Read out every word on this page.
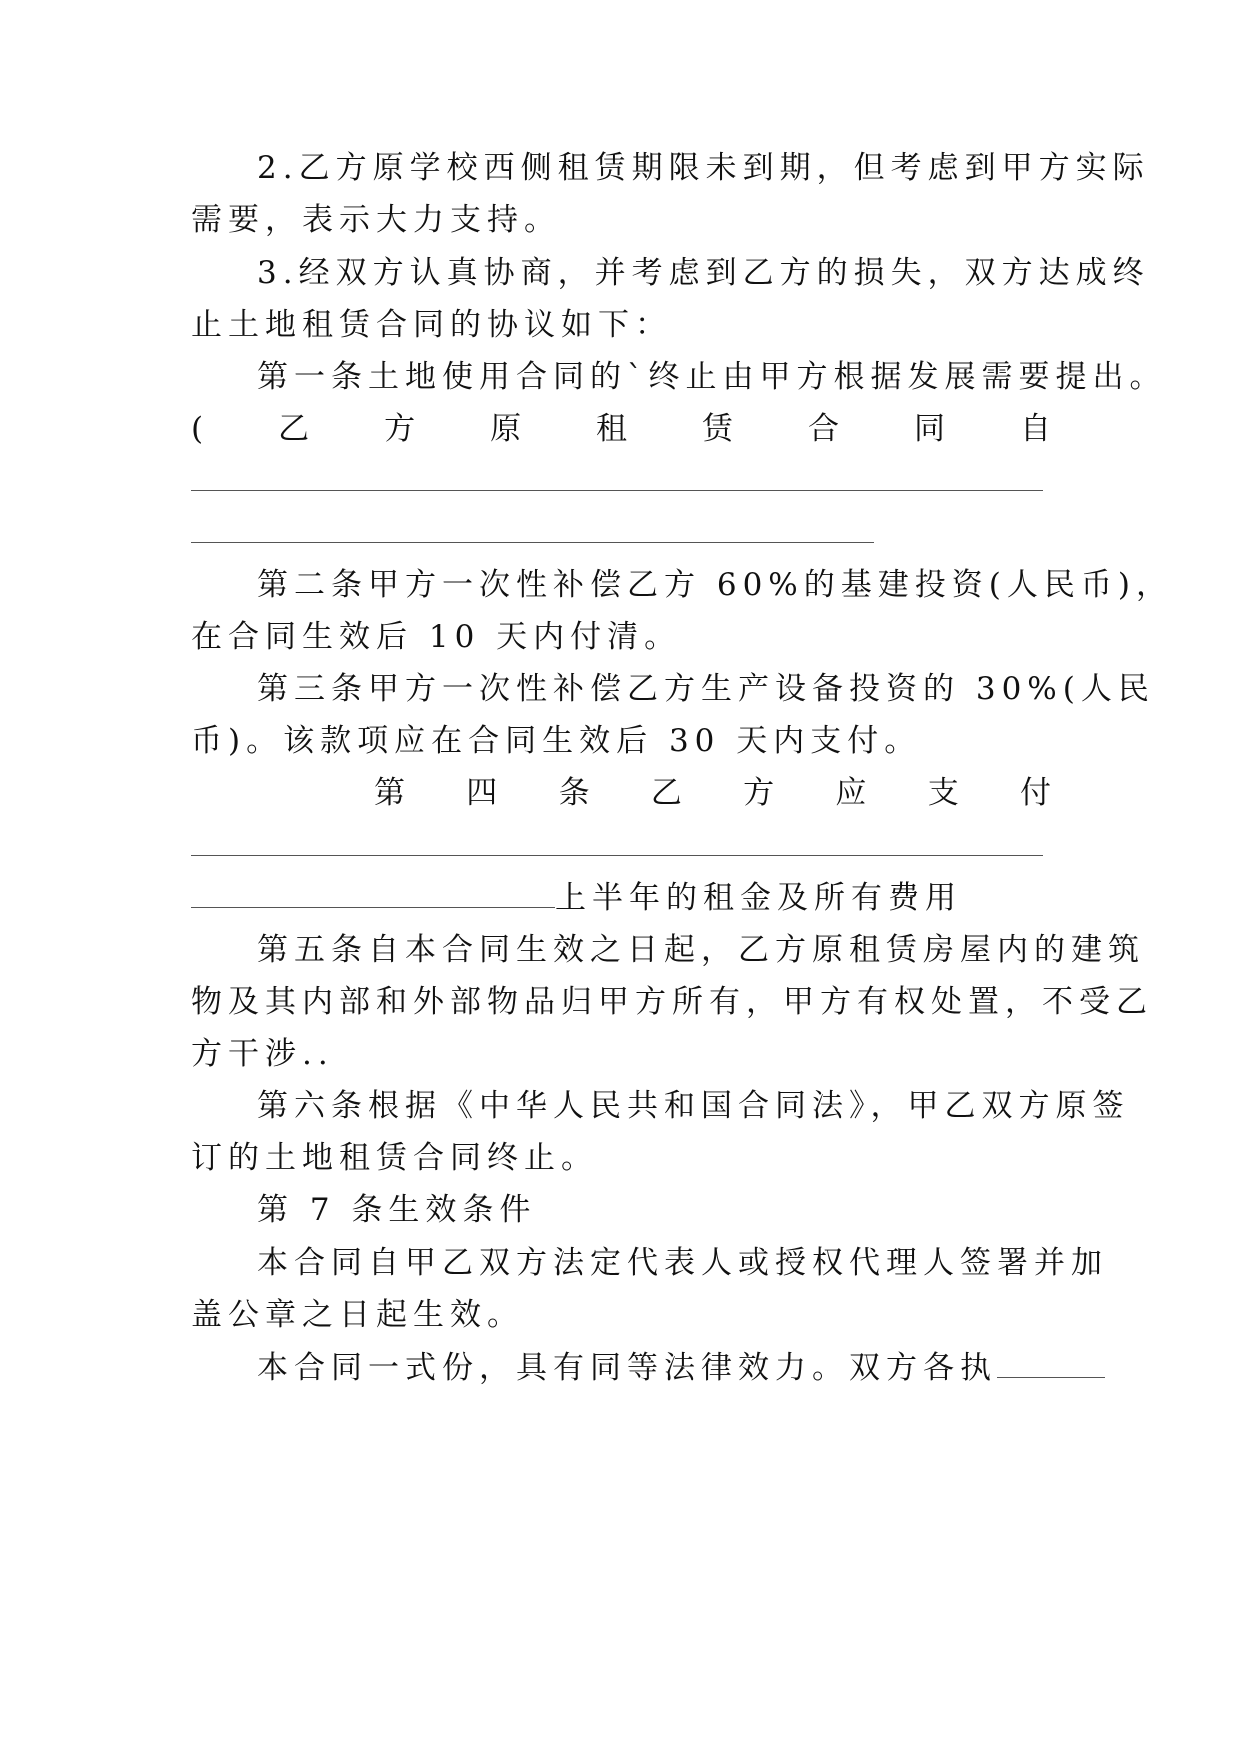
2.乙方原学校西侧租赁期限未到期，但考虑到甲方实际
需要，表示大力支持。
3.经双方认真协商，并考虑到乙方的损失，双方达成终
止土地租赁合同的协议如下：
第一条土地使用合同的`终止由甲方根据发展需要提出。
( 乙 方 原 租 赁 合 同 自
第二条甲方一次性补偿乙方 60%的基建投资(人民币)，
在合同生效后 10 天内付清。
第三条甲方一次性补偿乙方生产设备投资的 30%(人民
币)。该款项应在合同生效后 30 天内支付。
第 四 条 乙 方 应 支 付
上半年的租金及所有费用
第五条自本合同生效之日起，乙方原租赁房屋内的建筑
物及其内部和外部物品归甲方所有，甲方有权处置，不受乙
方干涉..
第六条根据《中华人民共和国合同法》，甲乙双方原签
订的土地租赁合同终止。
第 7 条生效条件
本合同自甲乙双方法定代表人或授权代理人签署并加
盖公章之日起生效。
本合同一式份，具有同等法律效力。双方各执
